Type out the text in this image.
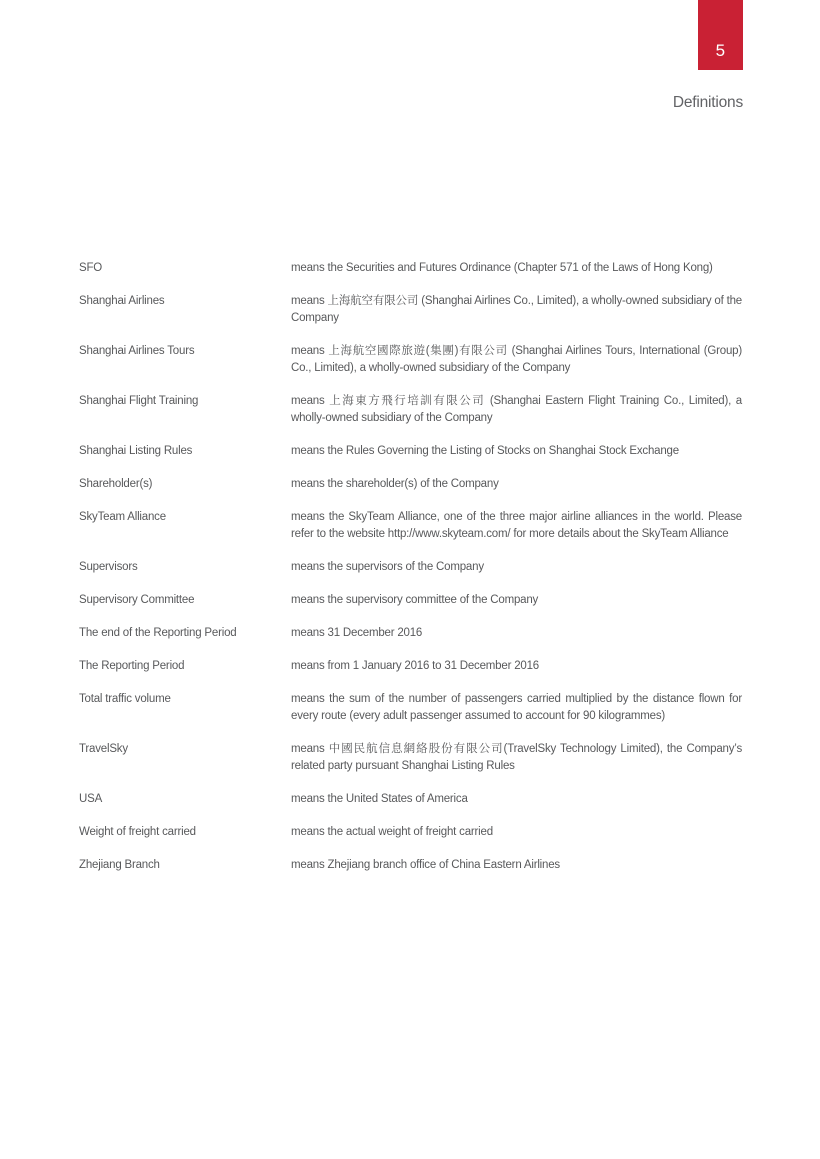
5
Definitions
SFO	means the Securities and Futures Ordinance (Chapter 571 of the Laws of Hong Kong)
Shanghai Airlines	means 上海航空有限公司 (Shanghai Airlines Co., Limited), a wholly-owned subsidiary of the Company
Shanghai Airlines Tours	means 上海航空國際旅遊(集團)有限公司 (Shanghai Airlines Tours, International (Group) Co., Limited), a wholly-owned subsidiary of the Company
Shanghai Flight Training	means 上海東方飛行培訓有限公司 (Shanghai Eastern Flight Training Co., Limited), a wholly-owned subsidiary of the Company
Shanghai Listing Rules	means the Rules Governing the Listing of Stocks on Shanghai Stock Exchange
Shareholder(s)	means the shareholder(s) of the Company
SkyTeam Alliance	means the SkyTeam Alliance, one of the three major airline alliances in the world. Please refer to the website http://www.skyteam.com/ for more details about the SkyTeam Alliance
Supervisors	means the supervisors of the Company
Supervisory Committee	means the supervisory committee of the Company
The end of the Reporting Period	means 31 December 2016
The Reporting Period	means from 1 January 2016 to 31 December 2016
Total traffic volume	means the sum of the number of passengers carried multiplied by the distance flown for every route (every adult passenger assumed to account for 90 kilogrammes)
TravelSky	means 中國民航信息網絡股份有限公司(TravelSky Technology Limited), the Company’s related party pursuant Shanghai Listing Rules
USA	means the United States of America
Weight of freight carried	means the actual weight of freight carried
Zhejiang Branch	means Zhejiang branch office of China Eastern Airlines
